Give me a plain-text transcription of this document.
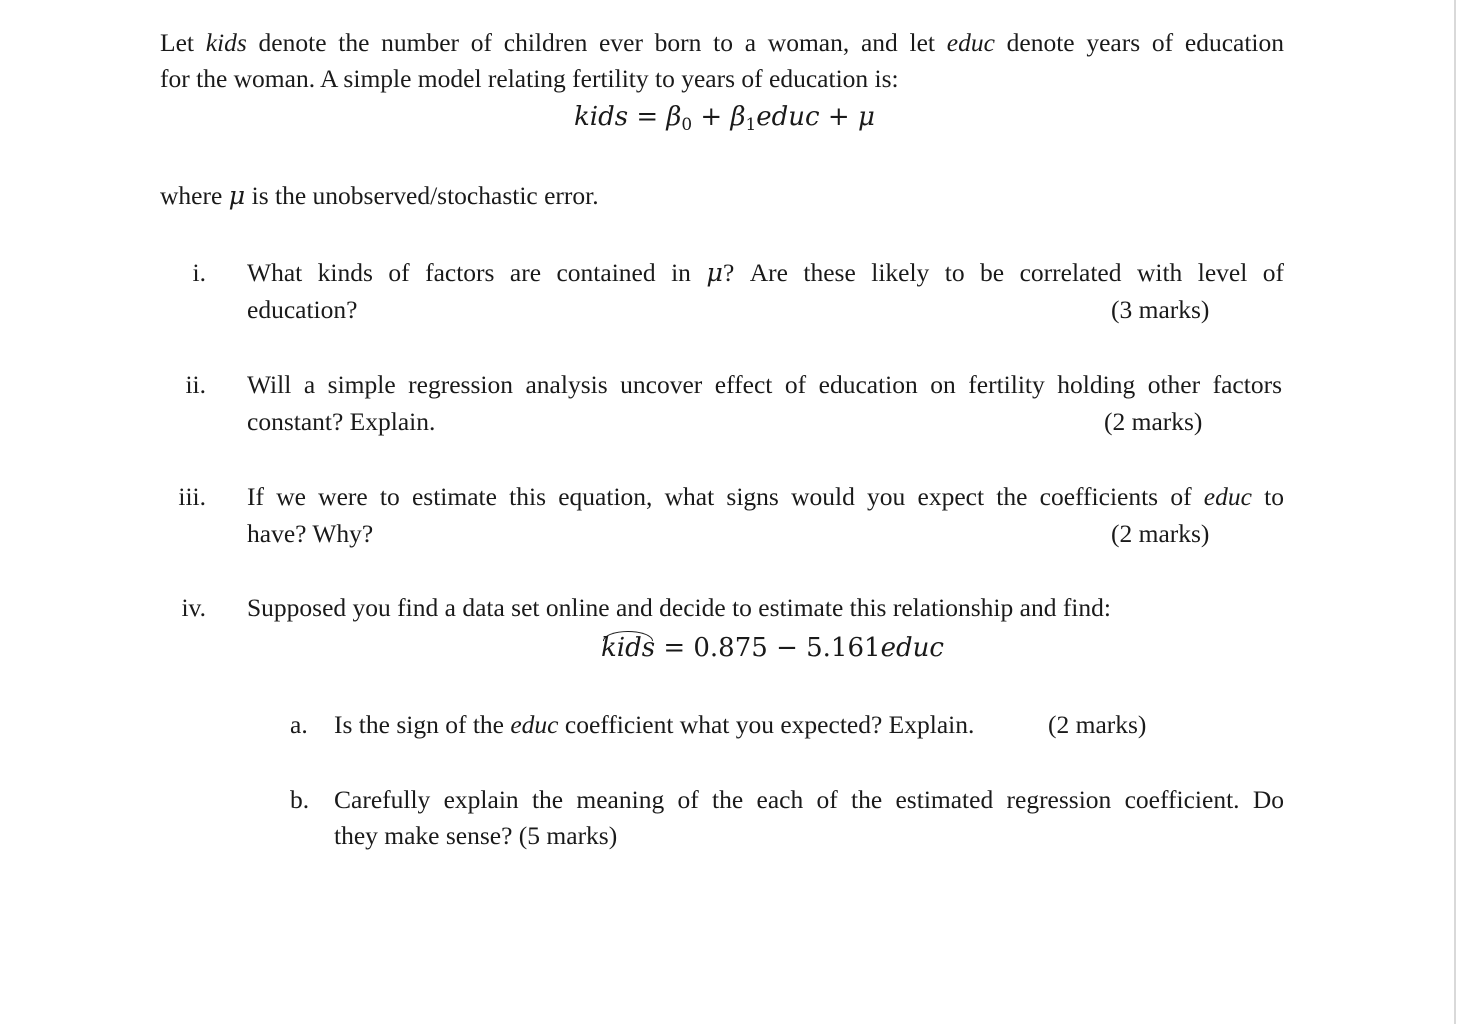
Let kids denote the number of children ever born to a woman, and let educ denote years of education
for the woman. A simple model relating fertility to years of education is:
kids = $\beta_0$ + $\beta_1educ + \mu$
where μ is the unobserved/stochastic error.
i. What kinds of factors are contained in μ? Are these likely to be correlated with level of
education?	(3 marks)
ii. Will a simple regression analysis uncover effect of education on fertility holding other factors
constant? Explain.	(2 marks)
iii. If we were to estimate this equation, what signs would you expect the coefficients of educ to
have? Why?	(2 marks)
iv. Supposed you find a data set online and decide to estimate this relationship and find:
kids = 0.875 − 5.161educ
a. Is the sign of the educ coefficient what you expected? Explain.	(2 marks)
b. Carefully explain the meaning of the each of the estimated regression coefficient. Do
they make sense? (5 marks)
